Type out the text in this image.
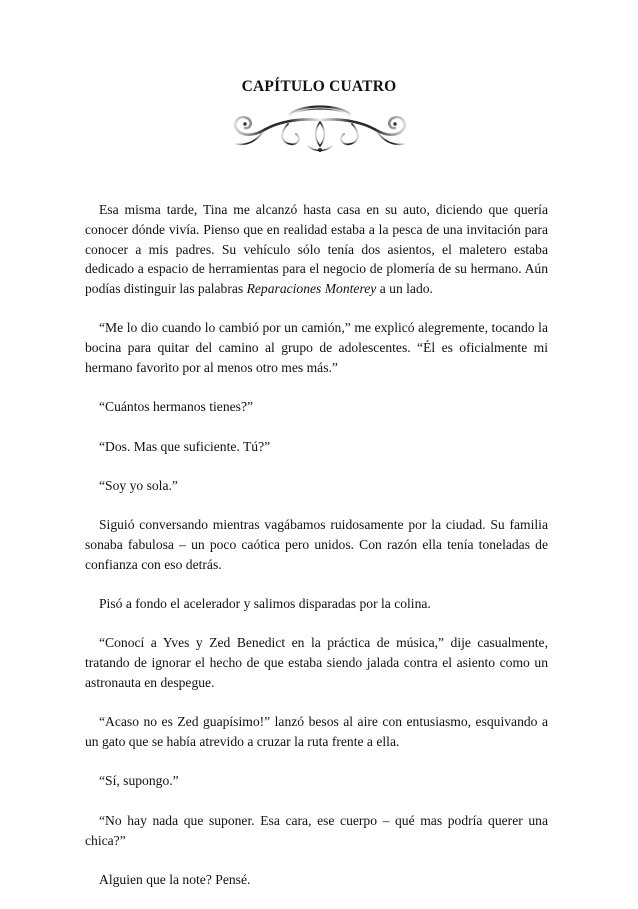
CAPÍTULO CUATRO

Esa misma tarde, Tina me alcanzó hasta casa en su auto, diciendo que quería conocer dónde vivía. Pienso que en realidad estaba a la pesca de una invitación para conocer a mis padres. Su vehículo sólo tenía dos asientos, el maletero estaba dedicado a espacio de herramientas para el negocio de plomería de su hermano. Aún podías distinguir las palabras Reparaciones Monterey a un lado.

“Me lo dio cuando lo cambió por un camión,” me explicó alegremente, tocando la bocina para quitar del camino al grupo de adolescentes. “Él es oficialmente mi hermano favorito por al menos otro mes más.”

“Cuántos hermanos tienes?”

“Dos. Mas que suficiente. Tú?”

“Soy yo sola.”

Siguió conversando mientras vagábamos ruidosamente por la ciudad. Su familia sonaba fabulosa – un poco caótica pero unidos. Con razón ella tenía toneladas de confianza con eso detrás.

Pisó a fondo el acelerador y salimos disparadas por la colina.

“Conocí a Yves y Zed Benedict en la práctica de música,” dije casualmente, tratando de ignorar el hecho de que estaba siendo jalada contra el asiento como un astronauta en despegue.

“Acaso no es Zed guapísimo!” lanzó besos al aire con entusiasmo, esquivando a un gato que se había atrevido a cruzar la ruta frente a ella.

“Sí, supongo.”

“No hay nada que suponer. Esa cara, ese cuerpo – qué mas podría querer una chica?”

Alguien que la note? Pensé.
